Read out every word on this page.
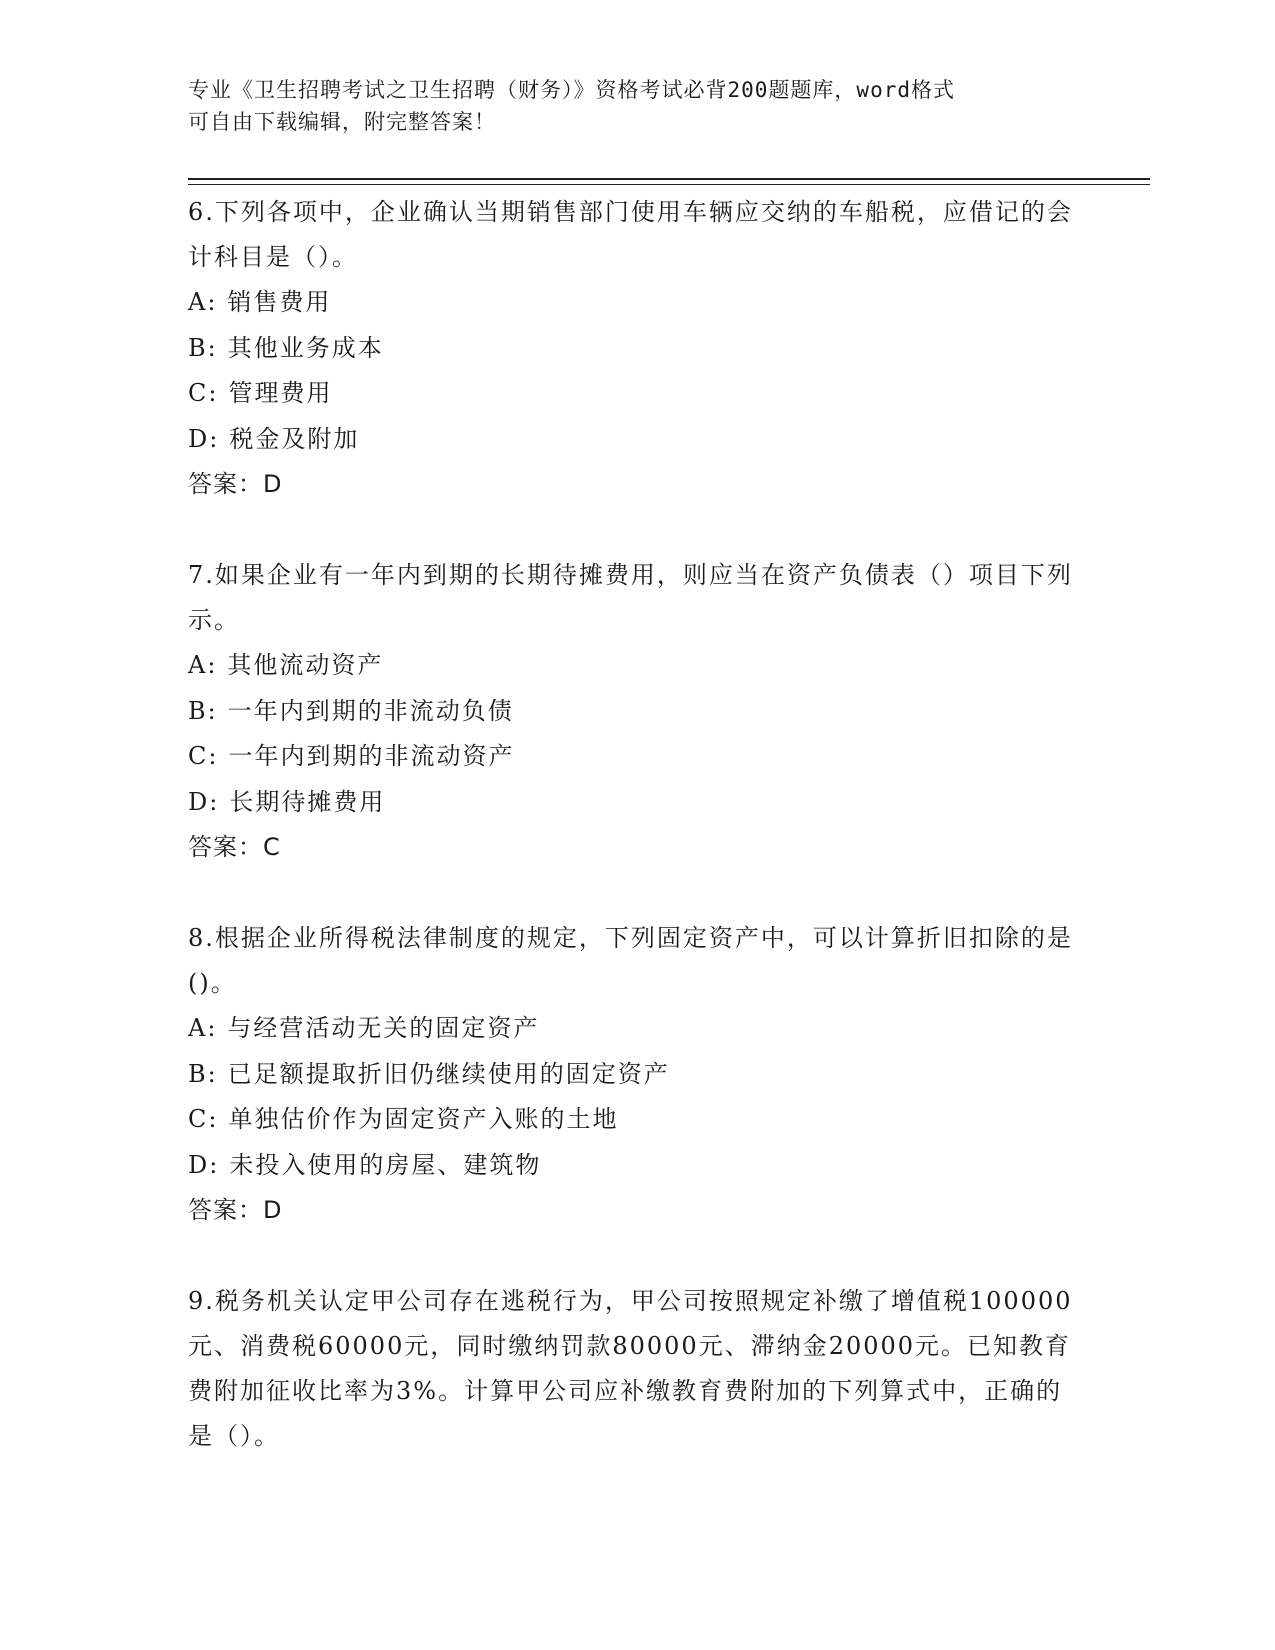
专业《卫生招聘考试之卫生招聘（财务）》资格考试必背200题题库，word格式
可自由下载编辑，附完整答案！
6.下列各项中，企业确认当期销售部门使用车辆应交纳的车船税，应借记的会计科目是（）。
A: 销售费用
B: 其他业务成本
C: 管理费用
D: 税金及附加
答案：D
7.如果企业有一年内到期的长期待摊费用，则应当在资产负债表（）项目下列示。
A: 其他流动资产
B: 一年内到期的非流动负债
C: 一年内到期的非流动资产
D: 长期待摊费用
答案：C
8.根据企业所得税法律制度的规定，下列固定资产中，可以计算折旧扣除的是()。
A: 与经营活动无关的固定资产
B: 已足额提取折旧仍继续使用的固定资产
C: 单独估价作为固定资产入账的土地
D: 未投入使用的房屋、建筑物
答案：D
9.税务机关认定甲公司存在逃税行为，甲公司按照规定补缴了增值税100000元、消费税60000元，同时缴纳罚款80000元、滞纳金20000元。已知教育费附加征收比率为3%。计算甲公司应补缴教育费附加的下列算式中，正确的是（）。
